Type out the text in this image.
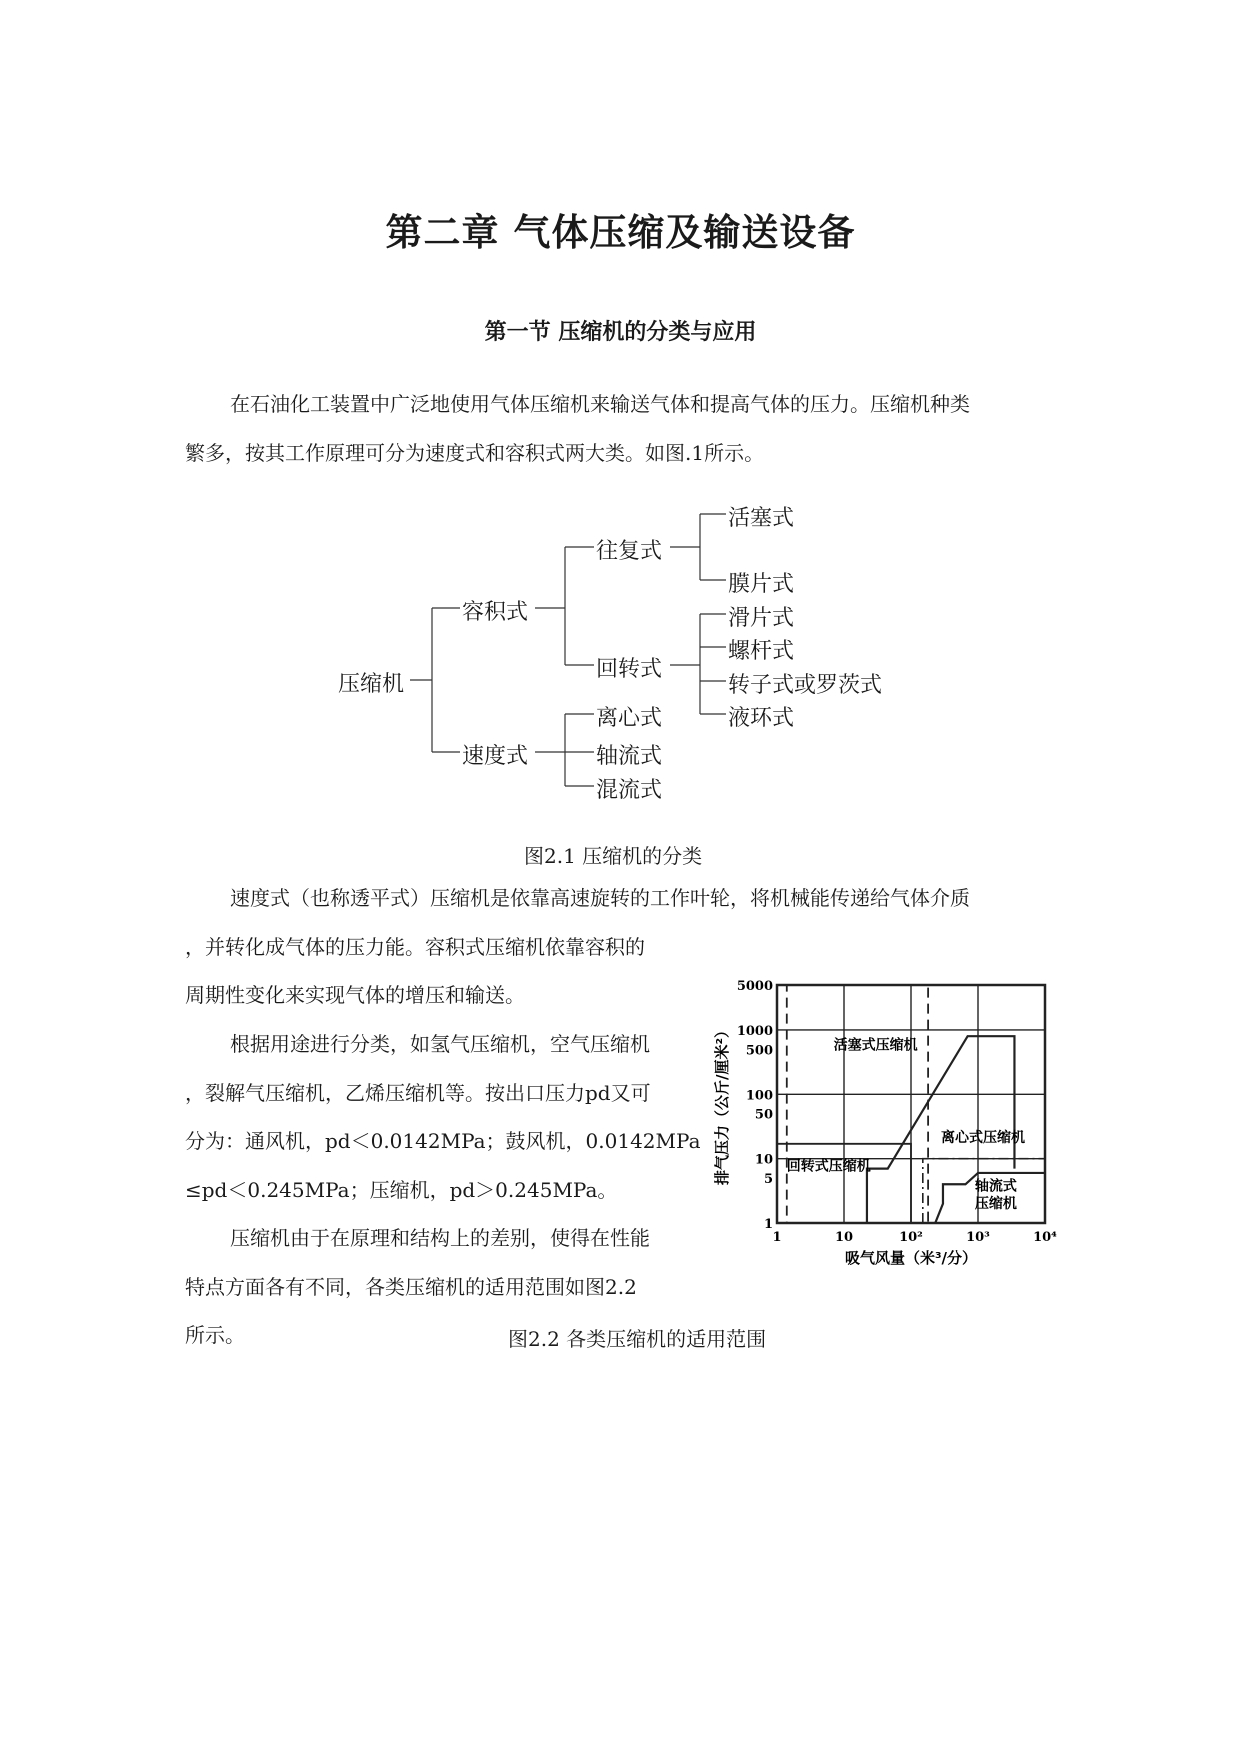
第二章 气体压缩及输送设备
第一节 压缩机的分类与应用
在石油化工装置中广泛地使用气体压缩机来输送气体和提高气体的压力。压缩机种类
繁多，按其工作原理可分为速度式和容积式两大类。如图.1所示。
压缩机
容积式
速度式
往复式
回转式
活塞式
膜片式
滑片式
螺杆式
转子式或罗茨式
液环式
离心式
轴流式
混流式
图2.1 压缩机的分类
速度式（也称透平式）压缩机是依靠高速旋转的工作叶轮，将机械能传递给气体介质
，并转化成气体的压力能。容积式压缩机依靠容积的
周期性变化来实现气体的增压和输送。
根据用途进行分类，如氢气压缩机，空气压缩机
，裂解气压缩机，乙烯压缩机等。按出口压力pd又可
分为：通风机，pd＜0.0142MPa；鼓风机，0.0142MPa
≤pd＜0.245MPa；压缩机，pd＞0.245MPa。
压缩机由于在原理和结构上的差别，使得在性能
特点方面各有不同，各类压缩机的适用范围如图2.2
所示。	图2.2 各类压缩机的适用范围
1	10	10²	10³	10⁴
5000
1000
500
100
50
10
5
1
吸气风量（米³/分）
排气压力（公斤/厘米²）	活塞式压缩机
离心式压缩机
回转式压缩机
轴流式
压缩机
